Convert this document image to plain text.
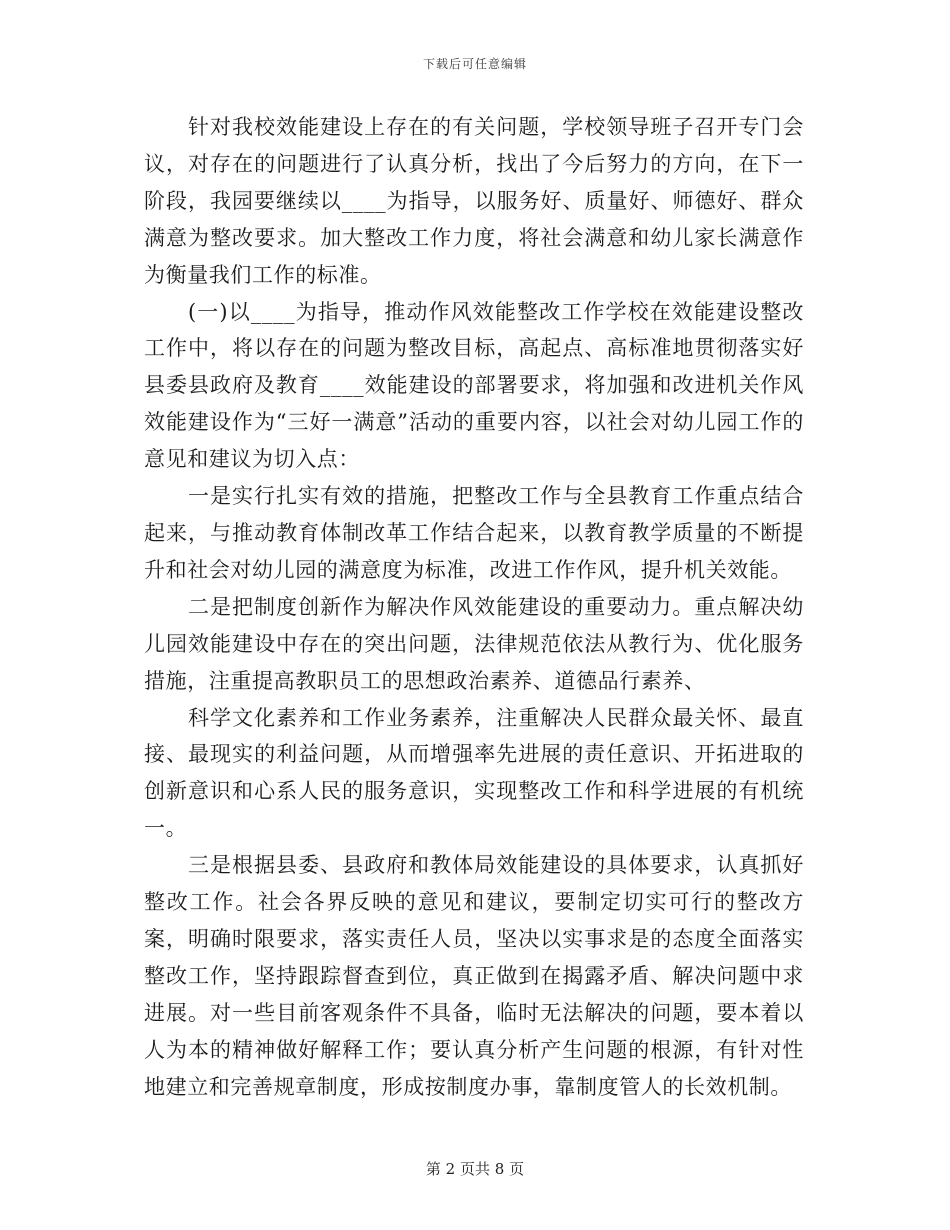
下载后可任意编辑

针对我校效能建设上存在的有关问题，学校领导班子召开专门会议，对存在的问题进行了认真分析，找出了今后努力的方向，在下一阶段，我园要继续以____为指导，以服务好、质量好、师德好、群众满意为整改要求。加大整改工作力度，将社会满意和幼儿家长满意作为衡量我们工作的标准。

(一)以____为指导，推动作风效能整改工作学校在效能建设整改工作中，将以存在的问题为整改目标，高起点、高标准地贯彻落实好县委县政府及教育____效能建设的部署要求，将加强和改进机关作风效能建设作为“三好一满意”活动的重要内容，以社会对幼儿园工作的意见和建议为切入点：

一是实行扎实有效的措施，把整改工作与全县教育工作重点结合起来，与推动教育体制改革工作结合起来，以教育教学质量的不断提升和社会对幼儿园的满意度为标准，改进工作作风，提升机关效能。

二是把制度创新作为解决作风效能建设的重要动力。重点解决幼儿园效能建设中存在的突出问题，法律规范依法从教行为、优化服务措施，注重提高教职员工的思想政治素养、道德品行素养、

科学文化素养和工作业务素养，注重解决人民群众最关怀、最直接、最现实的利益问题，从而增强率先进展的责任意识、开拓进取的创新意识和心系人民的服务意识，实现整改工作和科学进展的有机统一。

三是根据县委、县政府和教体局效能建设的具体要求，认真抓好整改工作。社会各界反映的意见和建议，要制定切实可行的整改方案，明确时限要求，落实责任人员，坚决以实事求是的态度全面落实整改工作，坚持跟踪督查到位，真正做到在揭露矛盾、解决问题中求进展。对一些目前客观条件不具备，临时无法解决的问题，要本着以人为本的精神做好解释工作；要认真分析产生问题的根源，有针对性地建立和完善规章制度，形成按制度办事，靠制度管人的长效机制。

第 2 页共 8 页
